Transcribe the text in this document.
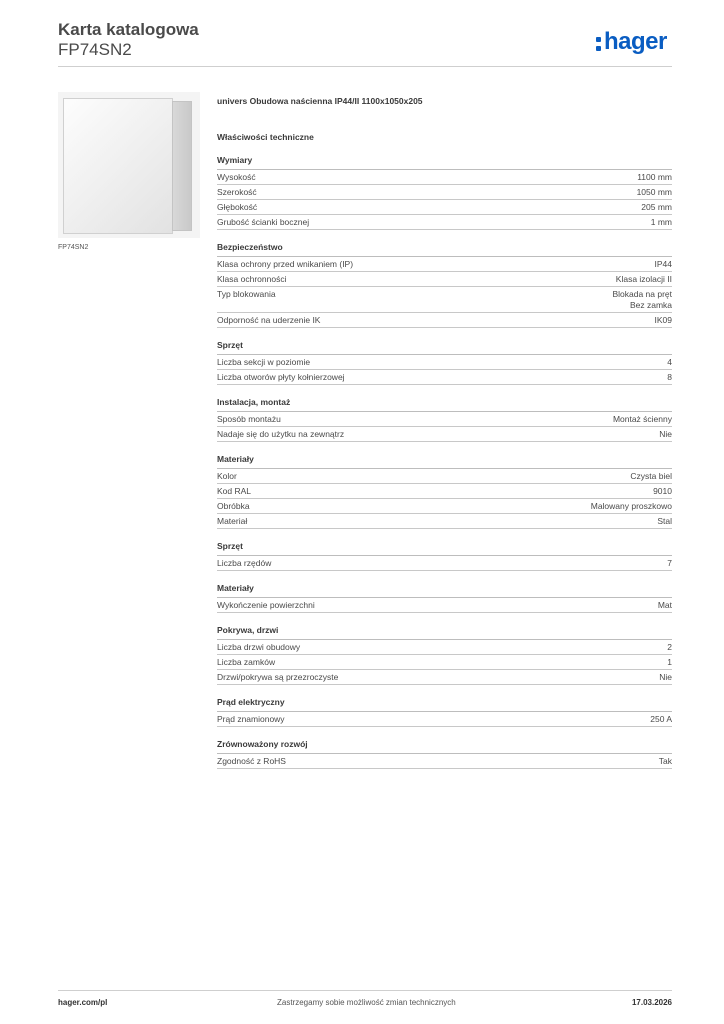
Karta katalogowa
FP74SN2	hager
FP74SN2
univers Obudowa naścienna IP44/II 1100x1050x205
Właściwości techniczne
Wymiary
Wysokość	1100 mm
Szerokość	1050 mm
Głębokość	205 mm
Grubość ścianki bocznej	1 mm
Bezpieczeństwo
Klasa ochrony przed wnikaniem (IP)	IP44
Klasa ochronności	Klasa izolacji II
Typ blokowania	Blokada na pręt
Bez zamka
Odporność na uderzenie IK	IK09
Sprzęt
Liczba sekcji w poziomie	4
Liczba otworów płyty kołnierzowej	8
Instalacja, montaż
Sposób montażu	Montaż ścienny
Nadaje się do użytku na zewnątrz	Nie
Materiały
Kolor	Czysta biel
Kod RAL	9010
Obróbka	Malowany proszkowo
Materiał	Stal
Sprzęt
Liczba rzędów	7
Materiały
Wykończenie powierzchni	Mat
Pokrywa, drzwi
Liczba drzwi obudowy	2
Liczba zamków	1
Drzwi/pokrywa są przezroczyste	Nie
Prąd elektryczny
Prąd znamionowy	250 A
Zrównoważony rozwój
Zgodność z RoHS	Tak
hager.com/pl	Zastrzegamy sobie możliwość zmian technicznych	17.03.2026
